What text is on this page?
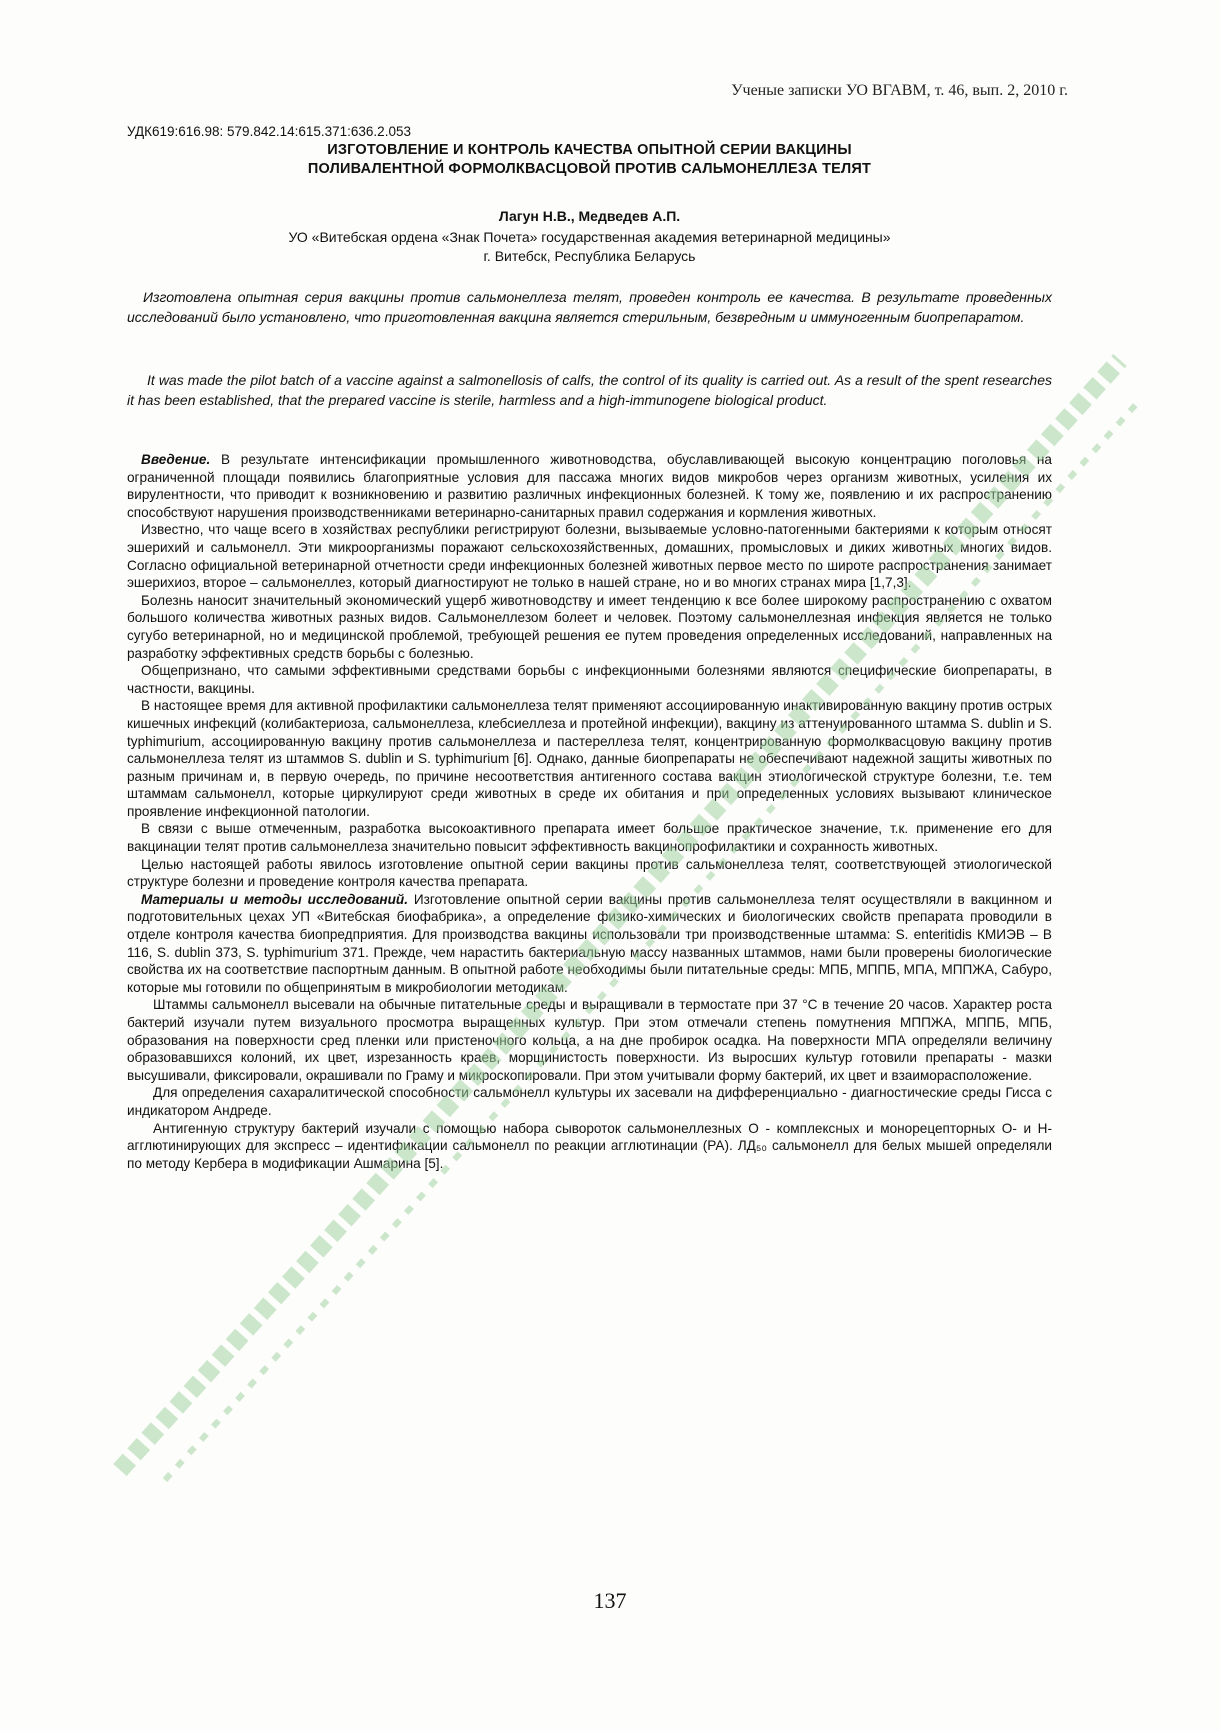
Ученые записки УО ВГАВМ, т. 46, вып. 2, 2010 г.
УДК619:616.98: 579.842.14:615.371:636.2.053
ИЗГОТОВЛЕНИЕ И КОНТРОЛЬ КАЧЕСТВА ОПЫТНОЙ СЕРИИ ВАКЦИНЫ
ПОЛИВАЛЕНТНОЙ ФОРМОЛКВАСЦОВОЙ ПРОТИВ САЛЬМОНЕЛЛЕЗА ТЕЛЯТ
Лагун Н.В., Медведев А.П.
УО «Витебская ордена «Знак Почета» государственная академия ветеринарной медицины»
г. Витебск, Республика Беларусь
Изготовлена опытная серия вакцины против сальмонеллеза телят, проведен контроль ее качества. В результате проведенных исследований было установлено, что приготовленная вакцина является стерильным, безвредным и иммуногенным биопрепаратом.
It was made the pilot batch of a vaccine against a salmonellosis of calfs, the control of its quality is carried out. As a result of the spent researches it has been established, that the prepared vaccine is sterile, harmless and a high-immunogene biological product.

Введение. В результате интенсификации промышленного животноводства, обуславливающей высокую концентрацию поголовья на ограниченной площади появились благоприятные условия для пассажа многих видов микробов через организм животных, усиления их вирулентности, что приводит к возникновению и развитию различных инфекционных болезней. К тому же, появлению и их распространению способствуют нарушения производственниками ветеринарно-санитарных правил содержания и кормления животных.

Известно, что чаще всего в хозяйствах республики регистрируют болезни, вызываемые условно-патогенными бактериями к которым относят эшерихий и сальмонелл. Эти микроорганизмы поражают сельскохозяйственных, домашних, промысловых и диких животных многих видов. Согласно официальной ветеринарной отчетности среди инфекционных болезней животных первое место по широте распространения занимает эшерихиоз, второе – сальмонеллез, который диагностируют не только в нашей стране, но и во многих странах мира [1,7,3].

Болезнь наносит значительный экономический ущерб животноводству и имеет тенденцию к все более широкому распространению с охватом большого количества животных разных видов. Сальмонеллезом болеет и человек. Поэтому сальмонеллезная инфекция является не только сугубо ветеринарной, но и медицинской проблемой, требующей решения ее путем проведения определенных исследований, направленных на разработку эффективных средств борьбы с болезнью.

Общепризнано, что самыми эффективными средствами борьбы с инфекционными болезнями являются специфические биопрепараты, в частности, вакцины.

В настоящее время для активной профилактики сальмонеллеза телят применяют ассоциированную инактивированную вакцину против острых кишечных инфекций (колибактериоза, сальмонеллеза, клебсиеллеза и протейной инфекции), вакцину из аттенуированного штамма S. dublin и S. typhimurium, ассоциированную вакцину против сальмонеллеза и пастереллеза телят, концентрированную формолквасцовую вакцину против сальмонеллеза телят из штаммов S. dublin и S. typhimurium [6]. Однако, данные биопрепараты не обеспечивают надежной защиты животных по разным причинам и, в первую очередь, по причине несоответствия антигенного состава вакцин этиологической структуре болезни, т.е. тем штаммам сальмонелл, которые циркулируют среди животных в среде их обитания и при определенных условиях вызывают клиническое проявление инфекционной патологии.

В связи с выше отмеченным, разработка высокоактивного препарата имеет большое практическое значение, т.к. применение его для вакцинации телят против сальмонеллеза значительно повысит эффективность вакцинопрофилактики и сохранность животных.

Целью настоящей работы явилось изготовление опытной серии вакцины против сальмонеллеза телят, соответствующей этиологической структуре болезни и проведение контроля качества препарата.

Материалы и методы исследований. Изготовление опытной серии вакцины против сальмонеллеза телят осуществляли в вакцинном и подготовительных цехах УП «Витебская биофабрика», а определение физико-химических и биологических свойств препарата проводили в отделе контроля качества биопредприятия. Для производства вакцины использовали три производственные штамма: S. enteritidis КМИЭВ – В 116, S. dublin 373, S. typhimurium 371. Прежде, чем нарастить бактериальную массу названных штаммов, нами были проверены биологические свойства их на соответствие паспортным данным. В опытной работе необходимы были питательные среды: МПБ, МППБ, МПА, МППЖА, Сабуро, которые мы готовили по общепринятым в микробиологии методикам.

Штаммы сальмонелл высевали на обычные питательные среды и выращивали в термостате при 37 °С в течение 20 часов. Характер роста бактерий изучали путем визуального просмотра выращенных культур. При этом отмечали степень помутнения МППЖА, МППБ, МПБ, образования на поверхности сред пленки или пристеночного кольца, а на дне пробирок осадка. На поверхности МПА определяли величину образовавшихся колоний, их цвет, изрезанность краев, морщинистость поверхности. Из выросших культур готовили препараты - мазки высушивали, фиксировали, окрашивали по Граму и микроскопировали. При этом учитывали форму бактерий, их цвет и взаиморасположение.

Для определения сахаралитической способности сальмонелл культуры их засевали на дифференциально - диагностические среды Гисса с индикатором Андреде.

Антигенную структуру бактерий изучали с помощью набора сывороток сальмонеллезных О - комплексных и монорецепторных О- и Н- агглютинирующих для экспресс – идентификации сальмонелл по реакции агглютинации (РА). ЛД₅₀ сальмонелл для белых мышей определяли по методу Кербера в модификации Ашмарина [5].

137
